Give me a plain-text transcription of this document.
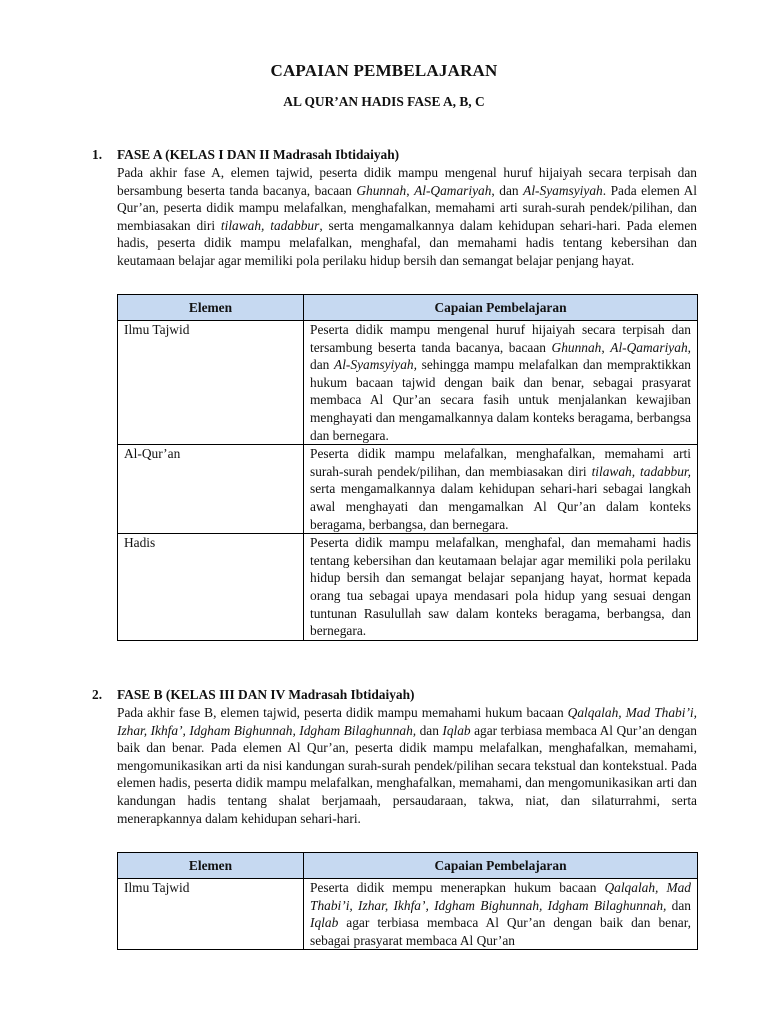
CAPAIAN PEMBELAJARAN
AL QUR’AN HADIS FASE A, B, C
1. FASE A (KELAS I DAN II Madrasah Ibtidaiyah)
Pada akhir fase A, elemen tajwid, peserta didik mampu mengenal huruf hijaiyah secara terpisah dan bersambung beserta tanda bacanya, bacaan Ghunnah, Al-Qamariyah, dan Al-Syamsyiyah. Pada elemen Al Qur’an, peserta didik mampu melafalkan, menghafalkan, memahami arti surah-surah pendek/pilihan, dan membiasakan diri tilawah, tadabbur, serta mengamalkannya dalam kehidupan sehari-hari. Pada elemen hadis, peserta didik mampu melafalkan, menghafal, dan memahami hadis tentang kebersihan dan keutamaan belajar agar memiliki pola perilaku hidup bersih dan semangat belajar penjang hayat.
Elemen	Capaian Pembelajaran
Ilmu Tajwid	Peserta didik mampu mengenal huruf hijaiyah secara terpisah dan tersambung beserta tanda bacanya, bacaan Ghunnah, Al-Qamariyah, dan Al-Syamsyiyah, sehingga mampu melafalkan dan mempraktikkan hukum bacaan tajwid dengan baik dan benar, sebagai prasyarat membaca Al Qur’an secara fasih untuk menjalankan kewajiban menghayati dan mengamalkannya dalam konteks beragama, berbangsa dan bernegara.
Al-Qur’an	Peserta didik mampu melafalkan, menghafalkan, memahami arti surah-surah pendek/pilihan, dan membiasakan diri tilawah, tadabbur, serta mengamalkannya dalam kehidupan sehari-hari sebagai langkah awal menghayati dan mengamalkan Al Qur’an dalam konteks beragama, berbangsa, dan bernegara.
Hadis	Peserta didik mampu melafalkan, menghafal, dan memahami hadis tentang kebersihan dan keutamaan belajar agar memiliki pola perilaku hidup bersih dan semangat belajar sepanjang hayat, hormat kepada orang tua sebagai upaya mendasari pola hidup yang sesuai dengan tuntunan Rasulullah saw dalam konteks beragama, berbangsa, dan bernegara.
2. FASE B (KELAS III DAN IV Madrasah Ibtidaiyah)
Pada akhir fase B, elemen tajwid, peserta didik mampu memahami hukum bacaan Qalqalah, Mad Thabi’i, Izhar, Ikhfa’, Idgham Bighunnah, Idgham Bilaghunnah, dan Iqlab agar terbiasa membaca Al Qur’an dengan baik dan benar. Pada elemen Al Qur’an, peserta didik mampu melafalkan, menghafalkan, memahami, mengomunikasikan arti da nisi kandungan surah-surah pendek/pilihan secara tekstual dan kontekstual. Pada elemen hadis, peserta didik mampu melafalkan, menghafalkan, memahami, dan mengomunikasikan arti dan kandungan hadis tentang shalat berjamaah, persaudaraan, takwa, niat, dan silaturrahmi, serta menerapkannya dalam kehidupan sehari-hari.
Elemen	Capaian Pembelajaran
Ilmu Tajwid	Peserta didik mempu menerapkan hukum bacaan Qalqalah, Mad Thabi’i, Izhar, Ikhfa’, Idgham Bighunnah, Idgham Bilaghunnah, dan Iqlab agar terbiasa membaca Al Qur’an dengan baik dan benar, sebagai prasyarat membaca Al Qur’an
